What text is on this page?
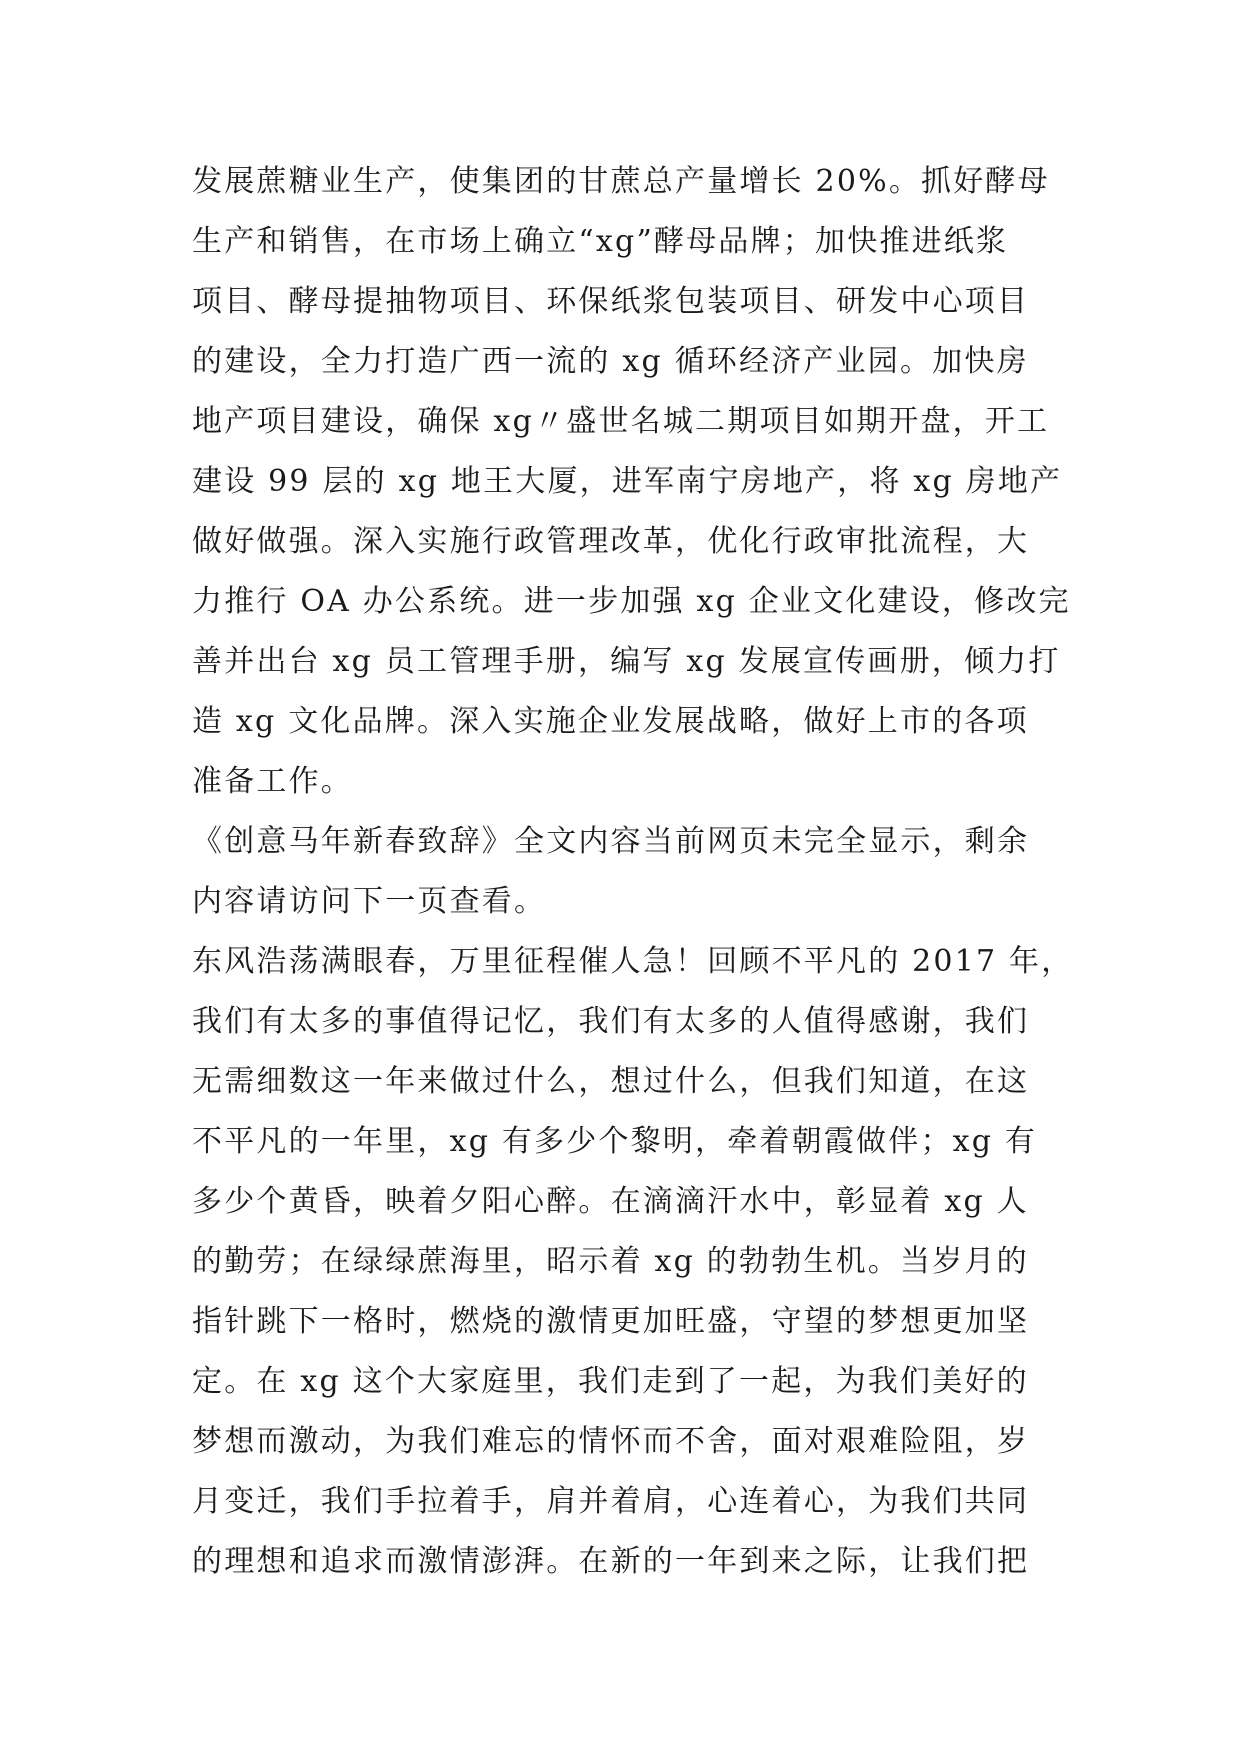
发展蔗糖业生产，使集团的甘蔗总产量增长 20%。抓好酵母
生产和销售，在市场上确立“xg”酵母品牌；加快推进纸浆
项目、酵母提抽物项目、环保纸浆包装项目、研发中心项目
的建设，全力打造广西一流的 xg 循环经济产业园。加快房
地产项目建设，确保 xg〃盛世名城二期项目如期开盘，开工
建设 99 层的 xg 地王大厦，进军南宁房地产，将 xg 房地产
做好做强。深入实施行政管理改革，优化行政审批流程，大
力推行 OA 办公系统。进一步加强 xg 企业文化建设，修改完
善并出台 xg 员工管理手册，编写 xg 发展宣传画册，倾力打
造 xg 文化品牌。深入实施企业发展战略，做好上市的各项
准备工作。
《创意马年新春致辞》全文内容当前网页未完全显示，剩余
内容请访问下一页查看。
东风浩荡满眼春，万里征程催人急！回顾不平凡的 2017 年，
我们有太多的事值得记忆，我们有太多的人值得感谢，我们
无需细数这一年来做过什么，想过什么，但我们知道，在这
不平凡的一年里，xg 有多少个黎明，牵着朝霞做伴；xg 有
多少个黄昏，映着夕阳心醉。在滴滴汗水中，彰显着 xg 人
的勤劳；在绿绿蔗海里，昭示着 xg 的勃勃生机。当岁月的
指针跳下一格时，燃烧的激情更加旺盛，守望的梦想更加坚
定。在 xg 这个大家庭里，我们走到了一起，为我们美好的
梦想而激动，为我们难忘的情怀而不舍，面对艰难险阻，岁
月变迁，我们手拉着手，肩并着肩，心连着心，为我们共同
的理想和追求而激情澎湃。在新的一年到来之际，让我们把
